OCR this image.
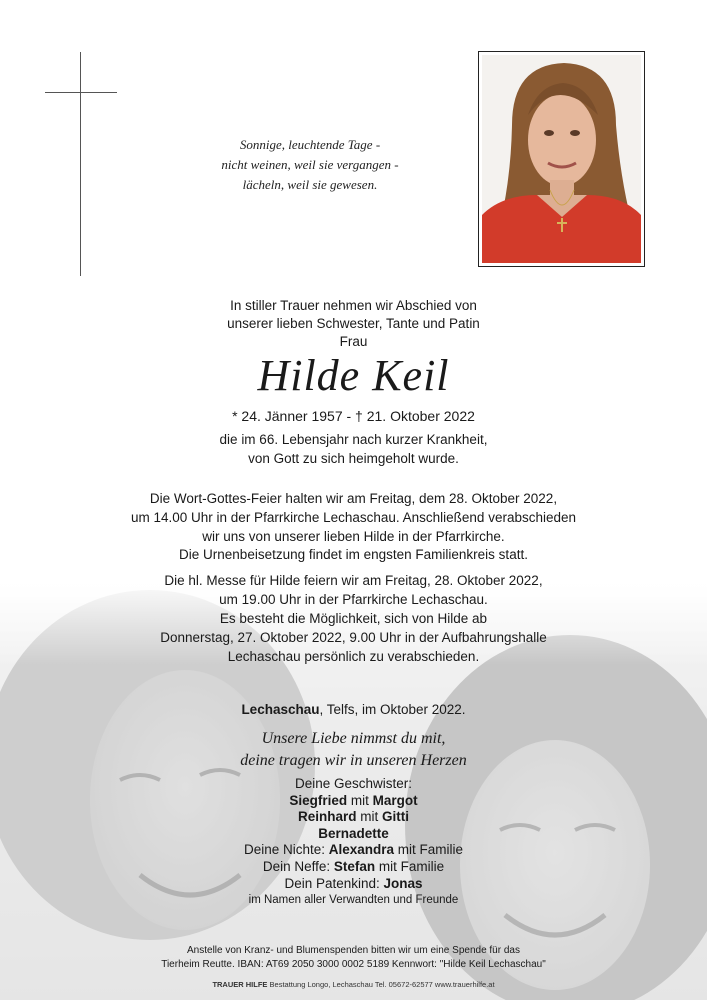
Sonnige, leuchtende Tage -
nicht weinen, weil sie vergangen -
lächeln, weil sie gewesen.
In stiller Trauer nehmen wir Abschied von
unserer lieben Schwester, Tante und Patin
Frau
Hilde Keil
* 24. Jänner 1957 - † 21. Oktober 2022
die im 66. Lebensjahr nach kurzer Krankheit,
von Gott zu sich heimgeholt wurde.
Die Wort-Gottes-Feier halten wir am Freitag, dem 28. Oktober 2022,
um 14.00 Uhr in der Pfarrkirche Lechaschau. Anschließend verabschieden
wir uns von unserer lieben Hilde in der Pfarrkirche.
Die Urnenbeisetzung findet im engsten Familienkreis statt.
Die hl. Messe für Hilde feiern wir am Freitag, 28. Oktober 2022,
um 19.00 Uhr in der Pfarrkirche Lechaschau.
Es besteht die Möglichkeit, sich von Hilde ab
Donnerstag, 27. Oktober 2022, 9.00 Uhr in der Aufbahrungshalle
Lechaschau persönlich zu verabschieden.
Lechaschau, Telfs, im Oktober 2022.
Unsere Liebe nimmst du mit,
deine tragen wir in unseren Herzen
Deine Geschwister:
Siegfried mit Margot
Reinhard mit Gitti
Bernadette
Deine Nichte: Alexandra mit Familie
Dein Neffe: Stefan mit Familie
Dein Patenkind: Jonas
im Namen aller Verwandten und Freunde
Anstelle von Kranz- und Blumenspenden bitten wir um eine Spende für das
Tierheim Reutte. IBAN: AT69 2050 3000 0002 5189 Kennwort: "Hilde Keil Lechaschau"
TRAUER HILFE Bestattung Longo, Lechaschau Tel. 05672-62577 www.trauerhilfe.at
